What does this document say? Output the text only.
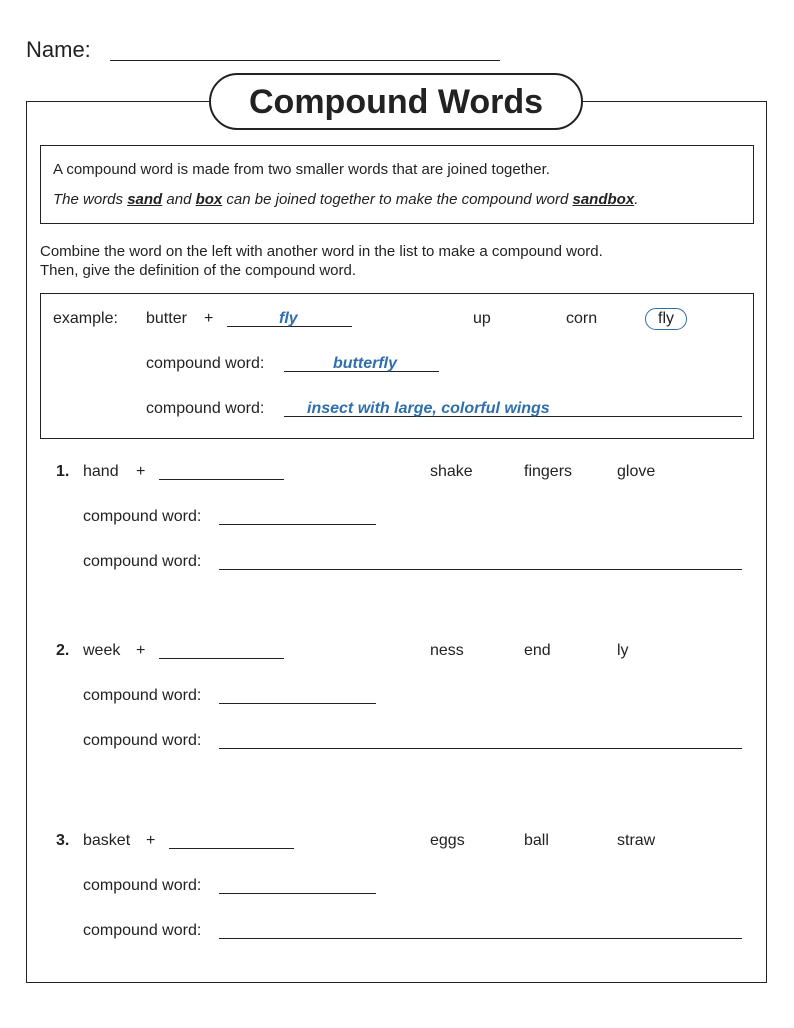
Name:
Compound Words
A compound word is made from two smaller words that are joined together.
The words sand and box can be joined together to make the compound word sandbox.
Combine the word on the left with another word in the list to make a compound word.
Then, give the definition of the compound word.
example: butter +	fly	up	corn	fly
compound word:	butterfly
compound word:	insect with large, colorful wings
1. hand +	shake	fingers	glove
compound word:
compound word:
2. week +	ness	end	ly
compound word:
compound word:
3. basket +	eggs	ball	straw
compound word:
compound word:
